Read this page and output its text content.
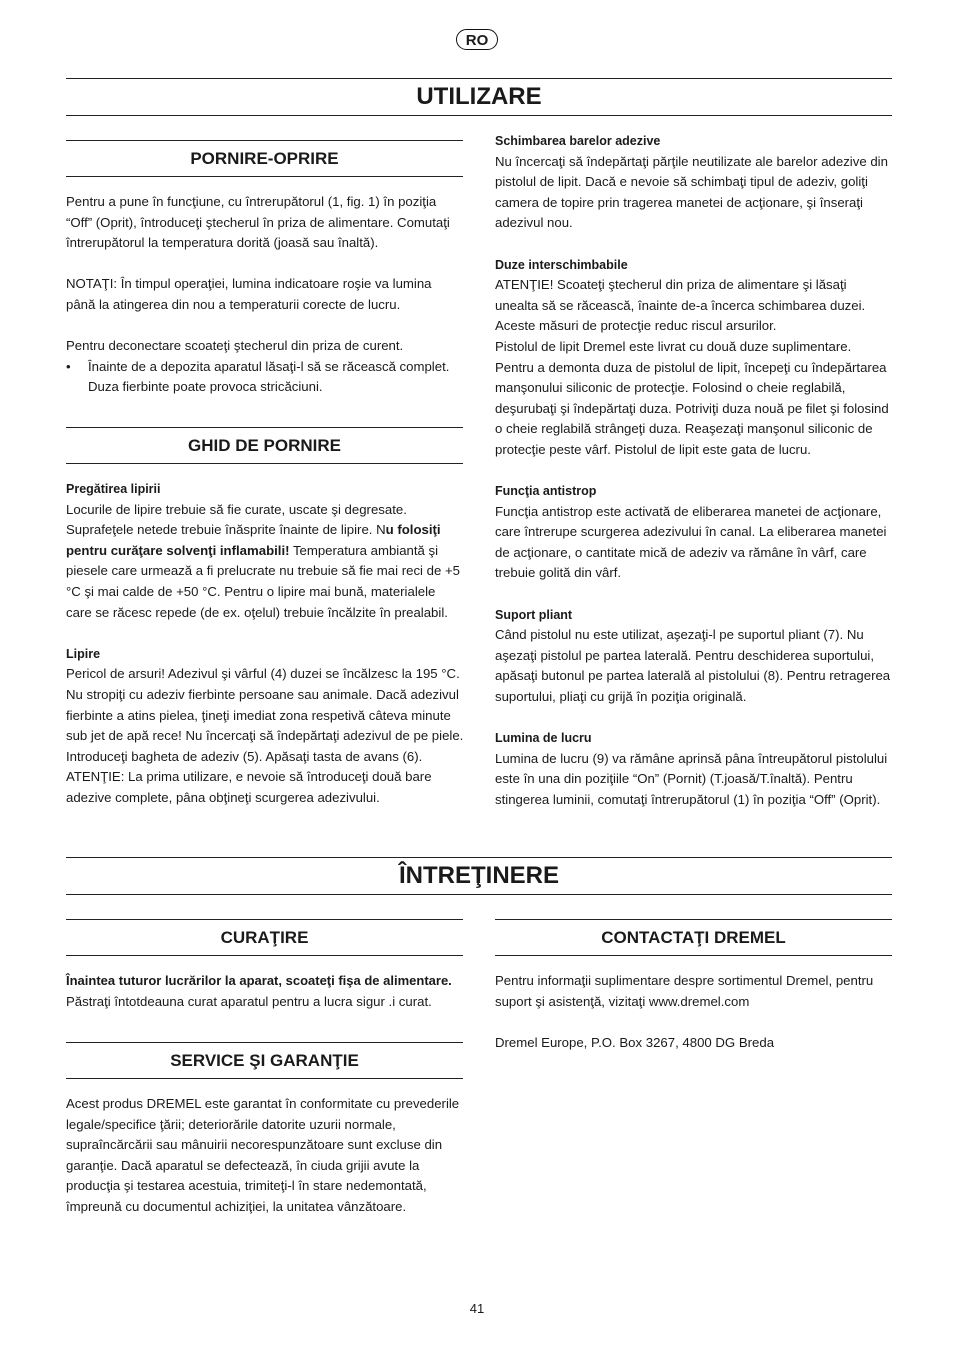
RO
UTILIZARE
PORNIRE-OPRIRE

Pentru a pune în funcţiune, cu întrerupătorul (1, fig. 1) în poziţia “Off” (Oprit), întroduceţi ştecherul în priza de alimentare. Comutaţi întrerupătorul la temperatura dorită (joasă sau înaltă).

NOTAŢI: În timpul operaţiei, lumina indicatoare roşie va lumina până la atingerea din nou a temperaturii corecte de lucru.

Pentru deconectare scoateţi ştecherul din priza de curent.

• Înainte de a depozita aparatul lăsaţi-l să se răcească complet. Duza fierbinte poate provoca stricăciuni.
GHID DE PORNIRE

Pregătirea lipirii

Locurile de lipire trebuie să fie curate, uscate şi degresate. Suprafeţele netede trebuie înăsprite înainte de lipire. Nu folosiţi pentru curăţare solvenţi inflamabili! Temperatura ambiantă şi piesele care urmează a fi prelucrate nu trebuie să fie mai reci de +5 °C şi mai calde de +50 °C. Pentru o lipire mai bună, materialele care se răcesc repede (de ex. oţelul) trebuie încălzite în prealabil.

Lipire

Pericol de arsuri! Adezivul şi vârful (4) duzei se încălzesc la 195 °C. Nu stropiţi cu adeziv fierbinte persoane sau animale. Dacă adezivul fierbinte a atins pielea, ţineţi imediat zona respetivă câteva minute sub jet de apă rece! Nu încercaţi să îndepărtaţi adezivul de pe piele. Introduceţi bagheta de adeziv (5). Apăsaţi tasta de avans (6). ATENŢIE: La prima utilizare, e nevoie să întroduceţi două bare adezive complete, pâna obţineţi scurgerea adezivului.

Schimbarea barelor adezive

Nu încercaţi să îndepărtaţi părţile neutilizate ale barelor adezive din pistolul de lipit. Dacă e nevoie să schimbaţi tipul de adeziv, goliţi camera de topire prin tragerea manetei de acţionare, şi înseraţi adezivul nou.

Duze interschimbabile

ATENŢIE! Scoateţi ştecherul din priza de alimentare şi lăsaţi unealta să se răcească, înainte de-a încerca schimbarea duzei. Aceste măsuri de protecţie reduc riscul arsurilor.

Pistolul de lipit Dremel este livrat cu două duze suplimentare. Pentru a demonta duza de pistolul de lipit, începeţi cu îndepărtarea manşonului siliconic de protecţie. Folosind o cheie reglabilă, deşurubaţi şi îndepărtaţi duza. Potriviţi duza nouă pe filet şi folosind o cheie reglabilă strângeţi duza. Reaşezaţi manşonul siliconic de protecţie peste vârf. Pistolul de lipit este gata de lucru.

Funcţia antistrop

Funcţia antistrop este activată de eliberarea manetei de acţionare, care întrerupe scurgerea adezivului în canal. La eliberarea manetei de acţionare, o cantitate mică de adeziv va rămâne în vârf, care trebuie golită din vârf.

Suport pliant

Când pistolul nu este utilizat, aşezaţi-l pe suportul pliant (7). Nu aşezaţi pistolul pe partea laterală. Pentru deschiderea suportului, apăsaţi butonul pe partea laterală al pistolului (8). Pentru retragerea suportului, pliaţi cu grijă în poziţia originală.

Lumina de lucru

Lumina de lucru (9) va rămâne aprinsă pâna întreupătorul pistolului este în una din poziţiile “On” (Pornit) (T.joasă/T.înaltă). Pentru stingerea luminii, comutaţi întrerupătorul (1) în poziţia “Off” (Oprit).

ÎNTREŢINERE
CURAŢIRE

Înaintea tuturor lucrărilor la aparat, scoateţi fişa de alimentare.

Păstraţi întotdeauna curat aparatul pentru a lucra sigur .i curat.

SERVICE ŞI GARANŢIE

Acest produs DREMEL este garantat în conformitate cu prevederile legale/specifice ţării; deteriorările datorite uzurii normale, supraîncărcării sau mânuirii necorespunzătoare sunt excluse din garanţie. Dacă aparatul se defectează, în ciuda grijii avute la producţia şi testarea acestuia, trimiteţi-l în stare nedemontată, împreună cu documentul achiziţiei, la unitatea vânzătoare.

CONTACTAŢI DREMEL

Pentru informaţii suplimentare despre sortimentul Dremel, pentru suport şi asistenţă, vizitaţi www.dremel.com

Dremel Europe, P.O. Box 3267, 4800 DG Breda

41
